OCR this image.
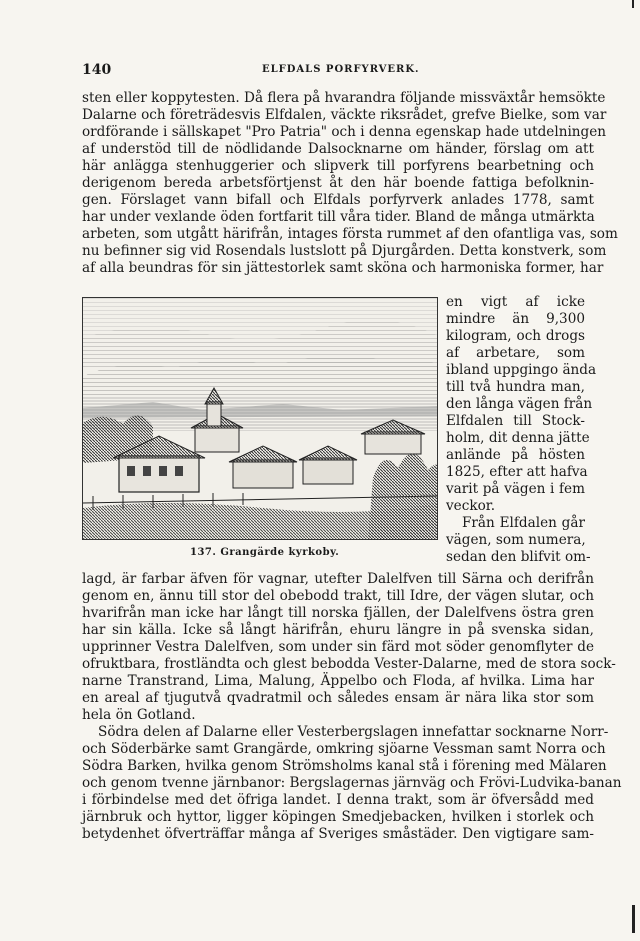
140	ELFDALS PORFYRVERK.
sten eller koppytesten. Då flera på hvarandra följande missväxtår hemsökte
Dalarne och företrädesvis Elfdalen, väckte riksrådet, grefve Bielke, som var
ordförande i sällskapet "Pro Patria" och i denna egenskap hade utdelningen
af understöd till de nödlidande Dalsocknarne om händer, förslag om att
här anlägga stenhuggerier och slipverk till porfyrens bearbetning och
derigenom bereda arbetsförtjenst åt den här boende fattiga befolknin-
gen. Förslaget vann bifall och Elfdals porfyrverk anlades 1778, samt
har under vexlande öden fortfarit till våra tider. Bland de många utmärkta
arbeten, som utgått härifrån, intages första rummet af den ofantliga vas, som
nu befinner sig vid Rosendals lustslott på Djurgården. Detta konstverk, som
af alla beundras för sin jättestorlek samt sköna och harmoniska former, har
137. Grangärde kyrkoby.
en vigt af icke
mindre än 9,300
kilogram, och drogs
af arbetare, som
ibland uppgingo ända
till två hundra man,
den långa vägen från
Elfdalen till Stock-
holm, dit denna jätte
anlände på hösten
1825, efter att hafva
varit på vägen i fem
veckor.
Från Elfdalen går
vägen, som numera,
sedan den blifvit om-
lagd, är farbar äfven för vagnar, utefter Dalelfven till Särna och derifrån
genom en, ännu till stor del obebodd trakt, till Idre, der vägen slutar, och
hvarifrån man icke har långt till norska fjällen, der Dalelfvens östra gren
har sin källa. Icke så långt härifrån, ehuru längre in på svenska sidan,
upprinner Vestra Dalelfven, som under sin färd mot söder genomflyter de
ofruktbara, frostländta och glest bebodda Vester-Dalarne, med de stora sock-
narne Transtrand, Lima, Malung, Äppelbo och Floda, af hvilka. Lima har
en areal af tjugutvå qvadratmil och således ensam är nära lika stor som
hela ön Gotland.
Södra delen af Dalarne eller Vesterbergslagen innefattar socknarne Norr-
och Söderbärke samt Grangärde, omkring sjöarne Vessman samt Norra och
Södra Barken, hvilka genom Strömsholms kanal stå i förening med Mälaren
och genom tvenne järnbanor: Bergslagernas järnväg och Frövi-Ludvika-banan
i förbindelse med det öfriga landet. I denna trakt, som är öfversådd med
järnbruk och hyttor, ligger köpingen Smedjebacken, hvilken i storlek och
betydenhet öfverträffar många af Sveriges småstäder. Den vigtigare sam-
